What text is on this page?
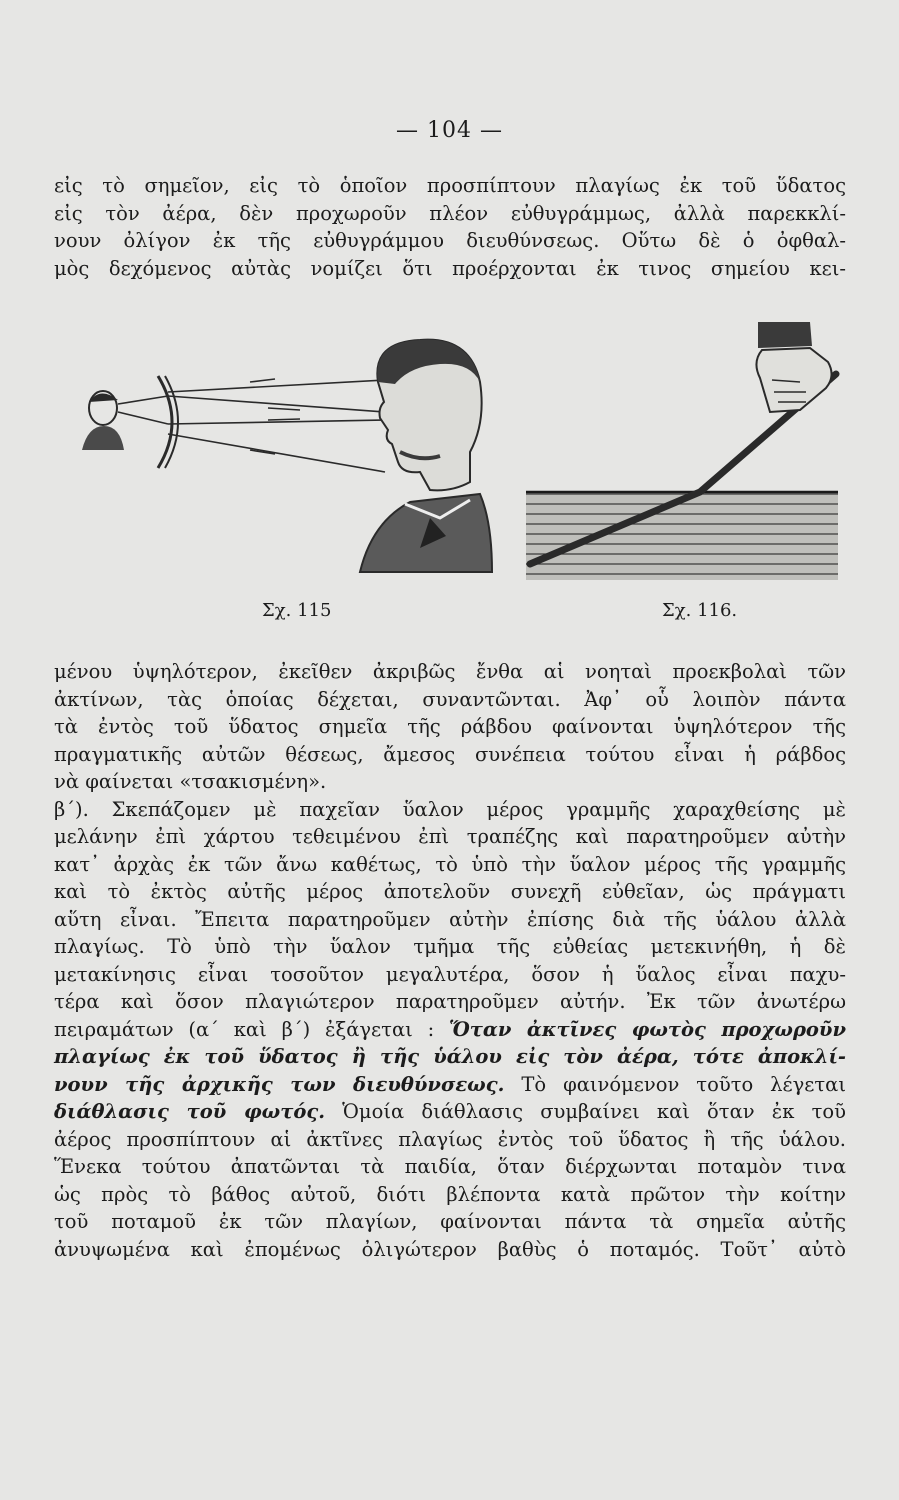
— 104 —
εἰς τὸ σημεῖον, εἰς τὸ ὁποῖον προσπίπτουν πλαγίως ἐκ τοῦ ὕδατος
εἰς τὸν ἀέρα, δὲν προχωροῦν πλέον εὐθυγράμμως, ἀλλὰ παρεκκλί-
νουν ὀλίγον ἐκ τῆς εὐθυγράμμου διευθύνσεως. Οὕτω δὲ ὁ ὀφθαλ-
μὸς δεχόμενος αὐτὰς νομίζει ὅτι προέρχονται ἐκ τινος σημείου κει-
Σχ. 115	Σχ. 116.
μένου ὑψηλότερον, ἐκεῖθεν ἀκριβῶς ἔνθα αἱ νοηταὶ προεκβολαὶ τῶν
ἀκτίνων, τὰς ὁποίας δέχεται, συναντῶνται. Ἀφ᾽ οὗ λοιπὸν πάντα
τὰ ἐντὸς τοῦ ὕδατος σημεῖα τῆς ράβδου φαίνονται ὑψηλότερον τῆς
πραγματικῆς αὐτῶν θέσεως, ἄμεσος συνέπεια τούτου εἶναι ἡ ράβδος
νὰ φαίνεται «τσακισμένη».
β΄). Σκεπάζομεν μὲ παχεῖαν ὕαλον μέρος γραμμῆς χαραχθείσης μὲ
μελάνην ἐπὶ χάρτου τεθειμένου ἐπὶ τραπέζης καὶ παρατηροῦμεν αὐτὴν
κατ᾽ ἀρχὰς ἐκ τῶν ἄνω καθέτως, τὸ ὑπὸ τὴν ὕαλον μέρος τῆς γραμμῆς
καὶ τὸ ἐκτὸς αὐτῆς μέρος ἀποτελοῦν συνεχῆ εὐθεῖαν, ὡς πράγματι
αὕτη εἶναι. Ἔπειτα παρατηροῦμεν αὐτὴν ἐπίσης διὰ τῆς ὑάλου ἀλλὰ
πλαγίως. Τὸ ὑπὸ τὴν ὕαλον τμῆμα τῆς εὐθείας μετεκινήθη, ἡ δὲ
μετακίνησις εἶναι τοσοῦτον μεγαλυτέρα, ὅσον ἡ ὕαλος εἶναι παχυ-
τέρα καὶ ὅσον πλαγιώτερον παρατηροῦμεν αὐτήν. Ἐκ τῶν ἀνωτέρω
πειραμάτων (α΄ καὶ β΄) ἐξάγεται : Ὅταν ἀκτῖνες φωτὸς προχωροῦν
πλαγίως ἐκ τοῦ ὕδατος ἢ τῆς ὑάλου εἰς τὸν ἀέρα, τότε ἀποκλί-
νουν τῆς ἀρχικῆς των διευθύνσεως. Τὸ φαινόμενον τοῦτο λέγεται
διάθλασις τοῦ φωτός. Ὁμοία διάθλασις συμβαίνει καὶ ὅταν ἐκ τοῦ
ἀέρος προσπίπτουν αἱ ἀκτῖνες πλαγίως ἐντὸς τοῦ ὕδατος ἢ τῆς ὑάλου.
Ἕνεκα τούτου ἀπατῶνται τὰ παιδία, ὅταν διέρχωνται ποταμὸν τινα
ὡς πρὸς τὸ βάθος αὐτοῦ, διότι βλέποντα κατὰ πρῶτον τὴν κοίτην
τοῦ ποταμοῦ ἐκ τῶν πλαγίων, φαίνονται πάντα τὰ σημεῖα αὐτῆς
ἀνυψωμένα καὶ ἐπομένως ὀλιγώτερον βαθὺς ὁ ποταμός. Τοῦτ᾽ αὐτὸ
